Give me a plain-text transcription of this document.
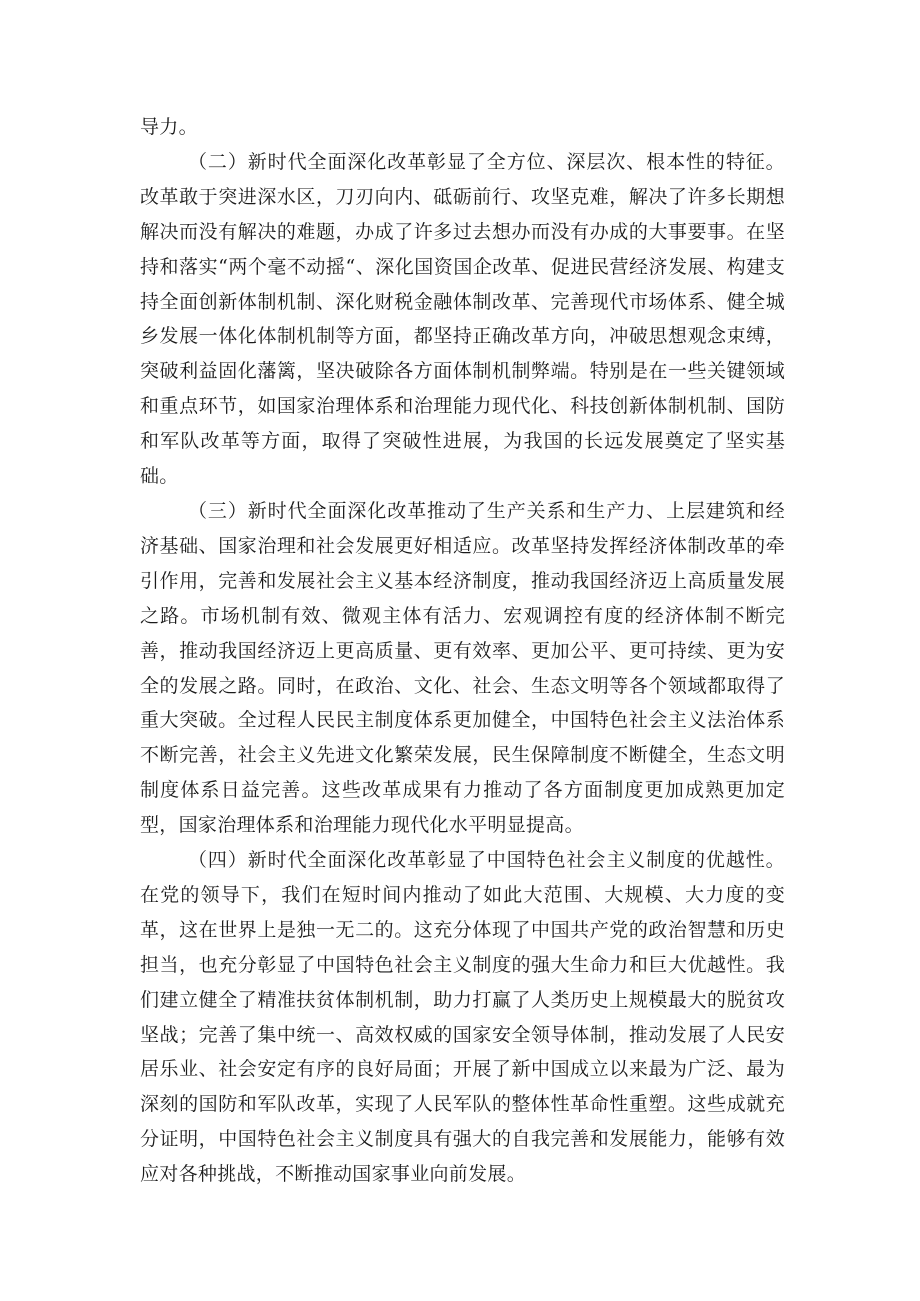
导力。

（二）新时代全面深化改革彰显了全方位、深层次、根本性的特征。改革敢于突进深水区，刀刃向内、砥砺前行、攻坚克难，解决了许多长期想解决而没有解决的难题，办成了许多过去想办而没有办成的大事要事。在坚持和落实“两个毫不动摇“、深化国资国企改革、促进民营经济发展、构建支持全面创新体制机制、深化财税金融体制改革、完善现代市场体系、健全城乡发展一体化体制机制等方面，都坚持正确改革方向，冲破思想观念束缚，突破利益固化藩篱，坚决破除各方面体制机制弊端。特别是在一些关键领域和重点环节，如国家治理体系和治理能力现代化、科技创新体制机制、国防和军队改革等方面，取得了突破性进展，为我国的长远发展奠定了坚实基础。

（三）新时代全面深化改革推动了生产关系和生产力、上层建筑和经济基础、国家治理和社会发展更好相适应。改革坚持发挥经济体制改革的牵引作用，完善和发展社会主义基本经济制度，推动我国经济迈上高质量发展之路。市场机制有效、微观主体有活力、宏观调控有度的经济体制不断完善，推动我国经济迈上更高质量、更有效率、更加公平、更可持续、更为安全的发展之路。同时，在政治、文化、社会、生态文明等各个领域都取得了重大突破。全过程人民民主制度体系更加健全，中国特色社会主义法治体系不断完善，社会主义先进文化繁荣发展，民生保障制度不断健全，生态文明制度体系日益完善。这些改革成果有力推动了各方面制度更加成熟更加定型，国家治理体系和治理能力现代化水平明显提高。

（四）新时代全面深化改革彰显了中国特色社会主义制度的优越性。在党的领导下，我们在短时间内推动了如此大范围、大规模、大力度的变革，这在世界上是独一无二的。这充分体现了中国共产党的政治智慧和历史担当，也充分彰显了中国特色社会主义制度的强大生命力和巨大优越性。我们建立健全了精准扶贫体制机制，助力打赢了人类历史上规模最大的脱贫攻坚战；完善了集中统一、高效权威的国家安全领导体制，推动发展了人民安居乐业、社会安定有序的良好局面；开展了新中国成立以来最为广泛、最为深刻的国防和军队改革，实现了人民军队的整体性革命性重塑。这些成就充分证明，中国特色社会主义制度具有强大的自我完善和发展能力，能够有效应对各种挑战，不断推动国家事业向前发展。
